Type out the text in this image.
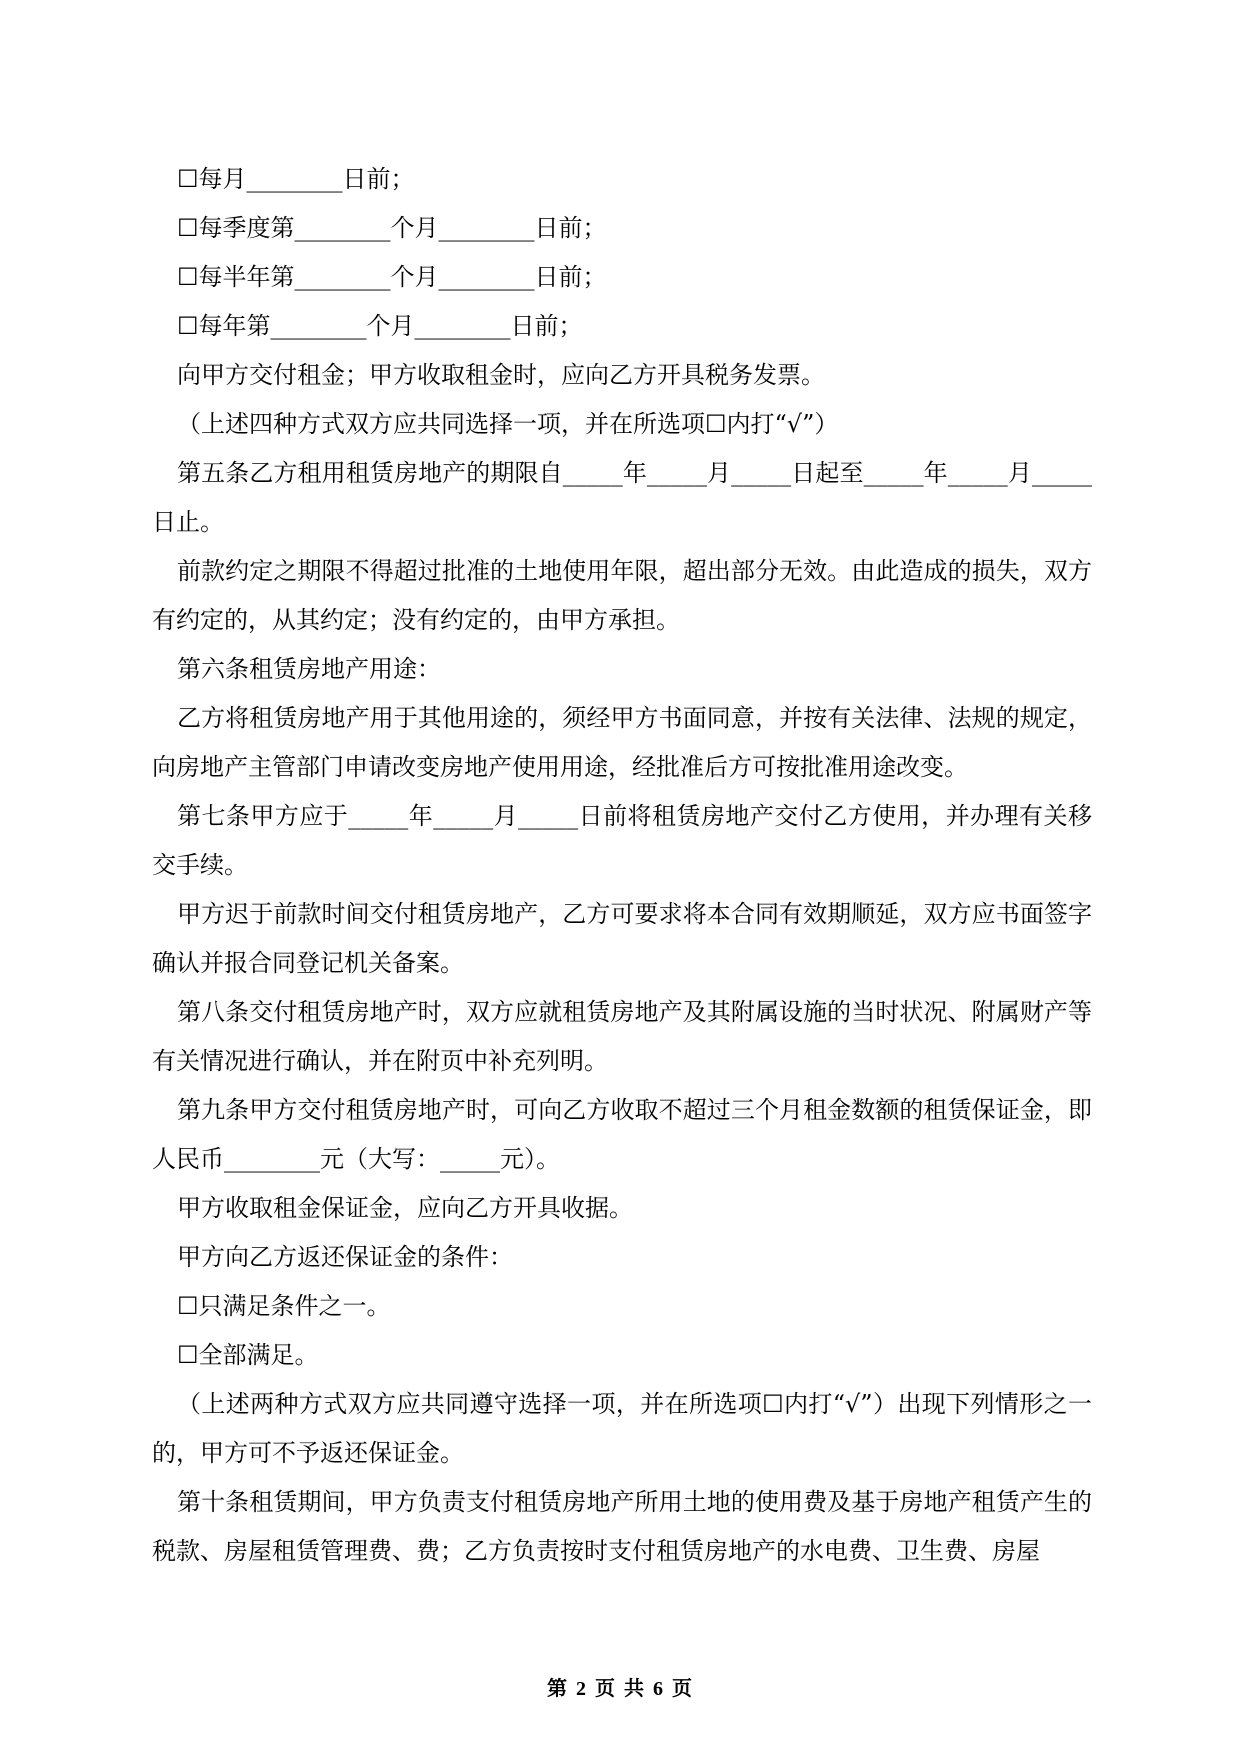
☐每月________日前；

☐每季度第________个月________日前；

☐每半年第________个月________日前；

☐每年第________个月________日前；

向甲方交付租金；甲方收取租金时，应向乙方开具税务发票。

（上述四种方式双方应共同选择一项，并在所选项☐内打“√”）

第五条乙方租用租赁房地产的期限自_____年_____月_____日起至_____年_____月_____日止。

前款约定之期限不得超过批准的土地使用年限，超出部分无效。由此造成的损失，双方有约定的，从其约定；没有约定的，由甲方承担。

第六条租赁房地产用途：

乙方将租赁房地产用于其他用途的，须经甲方书面同意，并按有关法律、法规的规定，向房地产主管部门申请改变房地产使用用途，经批准后方可按批准用途改变。

第七条甲方应于_____年_____月_____日前将租赁房地产交付乙方使用，并办理有关移交手续。

甲方迟于前款时间交付租赁房地产，乙方可要求将本合同有效期顺延，双方应书面签字确认并报合同登记机关备案。

第八条交付租赁房地产时，双方应就租赁房地产及其附属设施的当时状况、附属财产等有关情况进行确认，并在附页中补充列明。

第九条甲方交付租赁房地产时，可向乙方收取不超过三个月租金数额的租赁保证金，即人民币________元（大写：_____元）。

甲方收取租金保证金，应向乙方开具收据。

甲方向乙方返还保证金的条件：

☐只满足条件之一。

☐全部满足。

（上述两种方式双方应共同遵守选择一项，并在所选项☐内打“√”）出现下列情形之一的，甲方可不予返还保证金。

第十条租赁期间，甲方负责支付租赁房地产所用土地的使用费及基于房地产租赁产生的税款、房屋租赁管理费、费；乙方负责按时支付租赁房地产的水电费、卫生费、房屋

第 2 页 共 6 页
